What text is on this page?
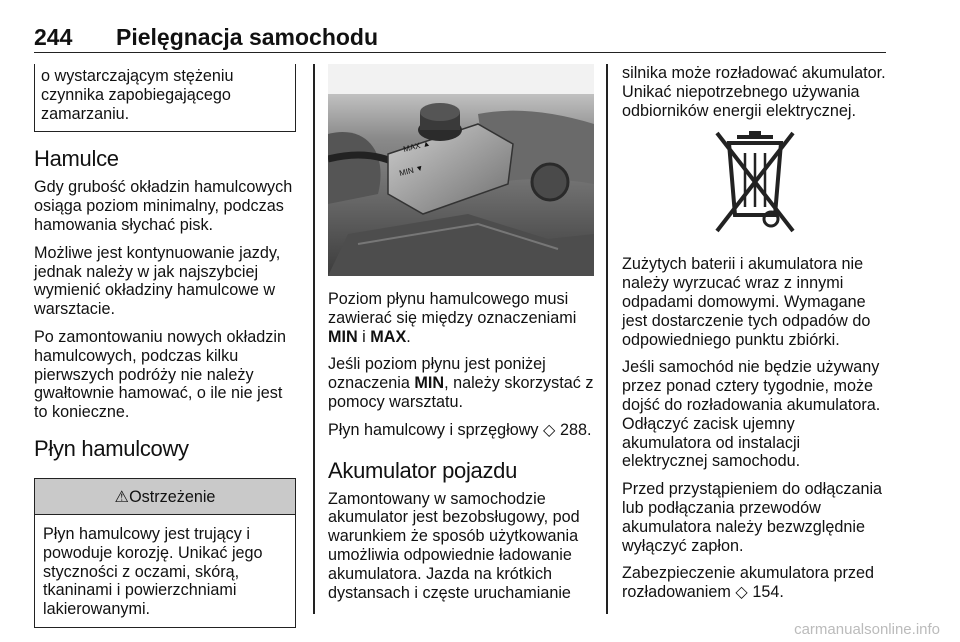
244 Pielęgnacja samochodu

o wystarczającym stężeniu czynnika zapobiegającego zamarzaniu.

Hamulce

Gdy grubość okładzin hamulcowych osiąga poziom minimalny, podczas hamowania słychać pisk.

Możliwe jest kontynuowanie jazdy, jednak należy w jak najszybciej wymienić okładziny hamulcowe w warsztacie.

Po zamontowaniu nowych okładzin hamulcowych, podczas kilku pierwszych podróży nie należy gwałtownie hamować, o ile nie jest to konieczne.

Płyn hamulcowy
⚠Ostrzeżenie

Płyn hamulcowy jest trujący i powoduje korozję. Unikać jego styczności z oczami, skórą, tkaninami i powierzchniami lakierowanymi.

MAX ▲
MIN ▼

Poziom płynu hamulcowego musi zawierać się między oznaczeniami MIN i MAX.

Jeśli poziom płynu jest poniżej oznaczenia MIN, należy skorzystać z pomocy warsztatu.

Płyn hamulcowy i sprzęgłowy ◇ 288.

Akumulator pojazdu

Zamontowany w samochodzie akumulator jest bezobsługowy, pod warunkiem że sposób użytkowania umożliwia odpowiednie ładowanie akumulatora. Jazda na krótkich dystansach i częste uruchamianie

silnika może rozładować akumulator. Unikać niepotrzebnego używania odbiorników energii elektrycznej.

Zużytych baterii i akumulatora nie należy wyrzucać wraz z innymi odpadami domowymi. Wymagane jest dostarczenie tych odpadów do odpowiedniego punktu zbiórki.

Jeśli samochód nie będzie używany przez ponad cztery tygodnie, może dojść do rozładowania akumulatora. Odłączyć zacisk ujemny akumulatora od instalacji elektrycznej samochodu.

Przed przystąpieniem do odłączania lub podłączania przewodów akumulatora należy bezwzględnie wyłączyć zapłon.

Zabezpieczenie akumulatora przed rozładowaniem ◇ 154.

carmanualsonline.info
